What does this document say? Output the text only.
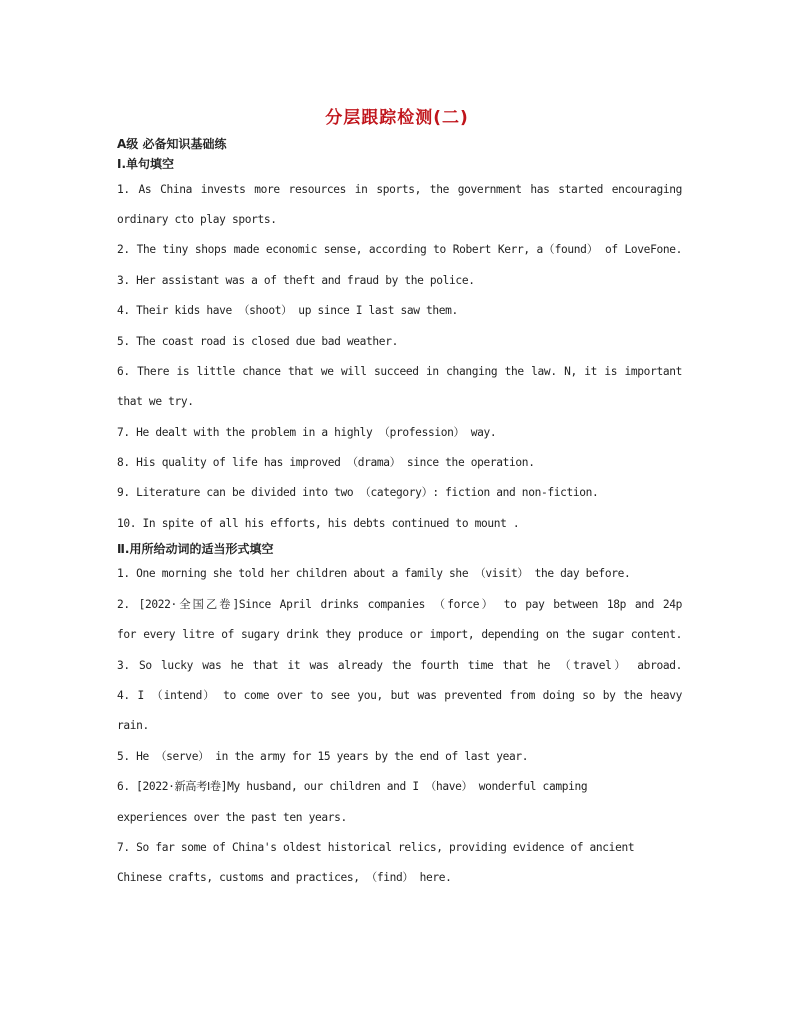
分层跟踪检测(二)
A级 必备知识基础练
Ⅰ.单句填空
1. As China invests more resources in sports, the government has started encouraging
ordinary cto play sports.
2. The tiny shops made economic sense, according to Robert Kerr, a（found） of LoveFone.
3. Her assistant was a of theft and fraud by the police.
4. Their kids have （shoot） up since I last saw them.
5. The coast road is closed due bad weather.
6. There is little chance that we will succeed in changing the law. N, it is important
that we try.
7. He dealt with the problem in a highly （profession） way.
8. His quality of life has improved （drama） since the operation.
9. Literature can be divided into two （category）: fiction and non-fiction.
10. In spite of all his efforts, his debts continued to mount .
Ⅱ.用所给动词的适当形式填空
1. One morning she told her children about a family she （visit） the day before.
2. [2022·全国乙卷]Since April drinks companies （force） to pay between 18p and 24p
for every litre of sugary drink they produce or import, depending on the sugar content.
3. So lucky was he that it was already the fourth time that he （travel） abroad.
4. I （intend） to come over to see you, but was prevented from doing so by the heavy
rain.
5. He （serve） in the army for 15 years by the end of last year.
6. [2022·新高考Ⅰ卷]My husband, our children and I （have） wonderful camping
experiences over the past ten years.
7. So far some of China's oldest historical relics, providing evidence of ancient
Chinese crafts, customs and practices, （find） here.
